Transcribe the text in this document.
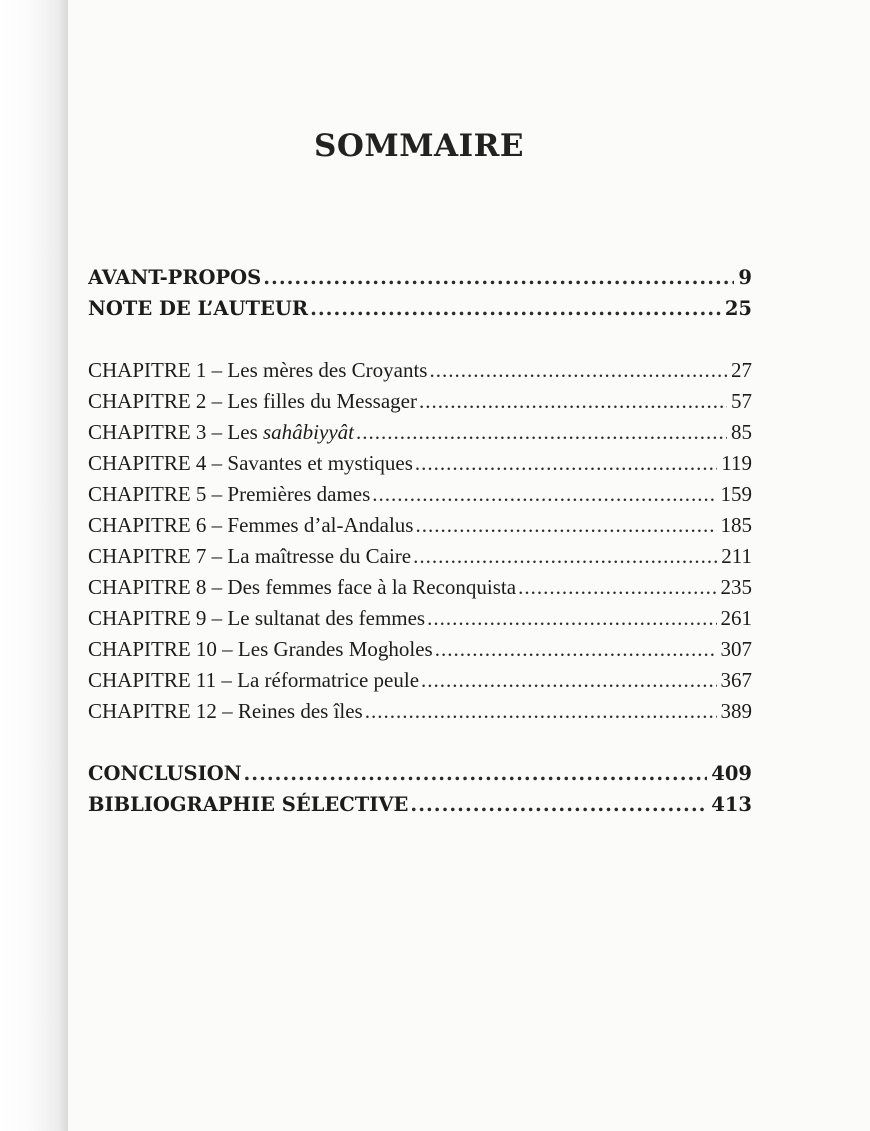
SOMMAIRE
AVANT-PROPOS .....	9
NOTE DE L’AUTEUR .....	25
CHAPITRE 1 – Les mères des Croyants .....	27
CHAPITRE 2 – Les filles du Messager .....	57
CHAPITRE 3 – Les sahâbiyyât .....	85
CHAPITRE 4 – Savantes et mystiques .....	119
CHAPITRE 5 – Premières dames .....	159
CHAPITRE 6 – Femmes d’al-Andalus .....	185
CHAPITRE 7 – La maîtresse du Caire .....	211
CHAPITRE 8 – Des femmes face à la Reconquista .....	235
CHAPITRE 9 – Le sultanat des femmes .....	261
CHAPITRE 10 – Les Grandes Mogholes .....	307
CHAPITRE 11 – La réformatrice peule .....	367
CHAPITRE 12 – Reines des îles .....	389
CONCLUSION .....	409
BIBLIOGRAPHIE SÉLECTIVE .....	413
